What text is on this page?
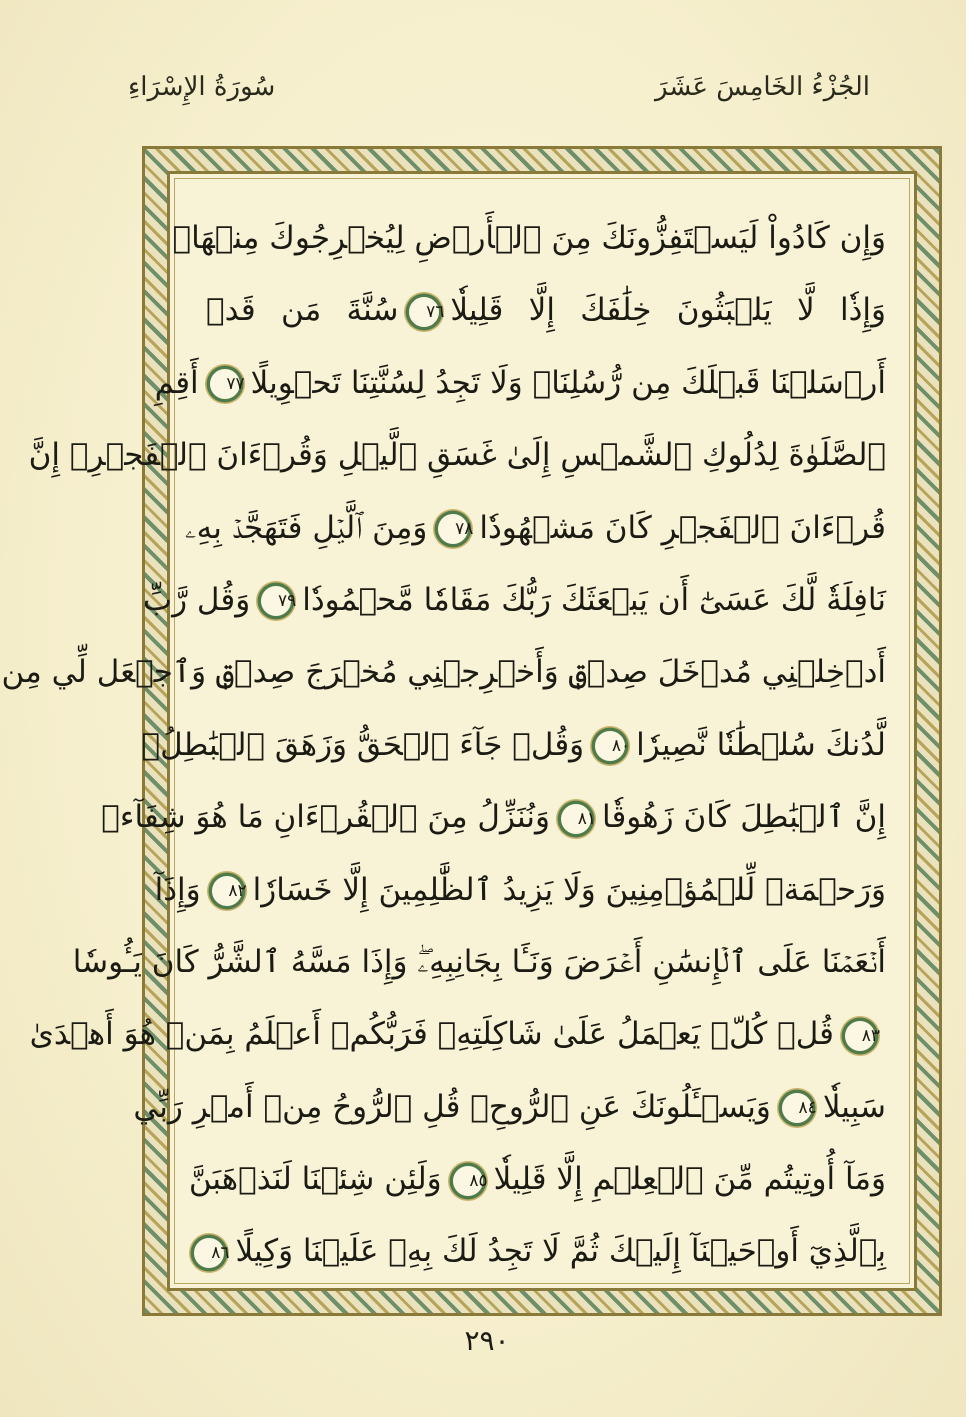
سُورَةُ الإِسْرَاءِ	الجُزْءُ الخَامِسَ عَشَرَ
وَإِن كَادُواْ لَيَسۡتَفِزُّونَكَ مِنَ ٱلۡأَرۡضِ لِيُخۡرِجُوكَ مِنۡهَاۖ
وَإِذٗا لَّا يَلۡبَثُونَ خِلَٰفَكَ إِلَّا قَلِيلٗا٧٦سُنَّةَ مَن قَدۡ
أَرۡسَلۡنَا قَبۡلَكَ مِن رُّسُلِنَاۖ وَلَا تَجِدُ لِسُنَّتِنَا تَحۡوِيلًا٧٧أَقِمِ
ٱلصَّلَوٰةَ لِدُلُوكِ ٱلشَّمۡسِ إِلَىٰ غَسَقِ ٱلَّيۡلِ وَقُرۡءَانَ ٱلۡفَجۡرِۖ إِنَّ
قُرۡءَانَ ٱلۡفَجۡرِ كَانَ مَشۡهُودٗا٧٨وَمِنَ ٱلَّيۡلِ فَتَهَجَّدۡ بِهِۦ
نَافِلَةٗ لَّكَ عَسَىٰٓ أَن يَبۡعَثَكَ رَبُّكَ مَقَامٗا مَّحۡمُودٗا٧٩وَقُل رَّبِّ
أَدۡخِلۡنِي مُدۡخَلَ صِدۡقٖ وَأَخۡرِجۡنِي مُخۡرَجَ صِدۡقٖ وَٱجۡعَل لِّي مِن
لَّدُنكَ سُلۡطَٰنٗا نَّصِيرٗا٨٠وَقُلۡ جَآءَ ٱلۡحَقُّ وَزَهَقَ ٱلۡبَٰطِلُۚ
إِنَّ ٱلۡبَٰطِلَ كَانَ زَهُوقٗا٨١وَنُنَزِّلُ مِنَ ٱلۡقُرۡءَانِ مَا هُوَ شِفَآءٞ
وَرَحۡمَةٞ لِّلۡمُؤۡمِنِينَ وَلَا يَزِيدُ ٱلظَّٰلِمِينَ إِلَّا خَسَارٗا٨٢وَإِذَآ
أَنۡعَمۡنَا عَلَى ٱلۡإِنسَٰنِ أَعۡرَضَ وَنَـَٔا بِجَانِبِهِۦۖ وَإِذَا مَسَّهُ ٱلشَّرُّ كَانَ يَـُٔوسٗا
٨٣قُلۡ كُلّٞ يَعۡمَلُ عَلَىٰ شَاكِلَتِهِۦ فَرَبُّكُمۡ أَعۡلَمُ بِمَنۡ هُوَ أَهۡدَىٰ
سَبِيلٗا٨٤وَيَسۡـَٔلُونَكَ عَنِ ٱلرُّوحِۖ قُلِ ٱلرُّوحُ مِنۡ أَمۡرِ رَبِّي
وَمَآ أُوتِيتُم مِّنَ ٱلۡعِلۡمِ إِلَّا قَلِيلٗا٨٥وَلَئِن شِئۡنَا لَنَذۡهَبَنَّ
بِٱلَّذِيٓ أَوۡحَيۡنَآ إِلَيۡكَ ثُمَّ لَا تَجِدُ لَكَ بِهِۦ عَلَيۡنَا وَكِيلًا٨٦
٢٩٠
